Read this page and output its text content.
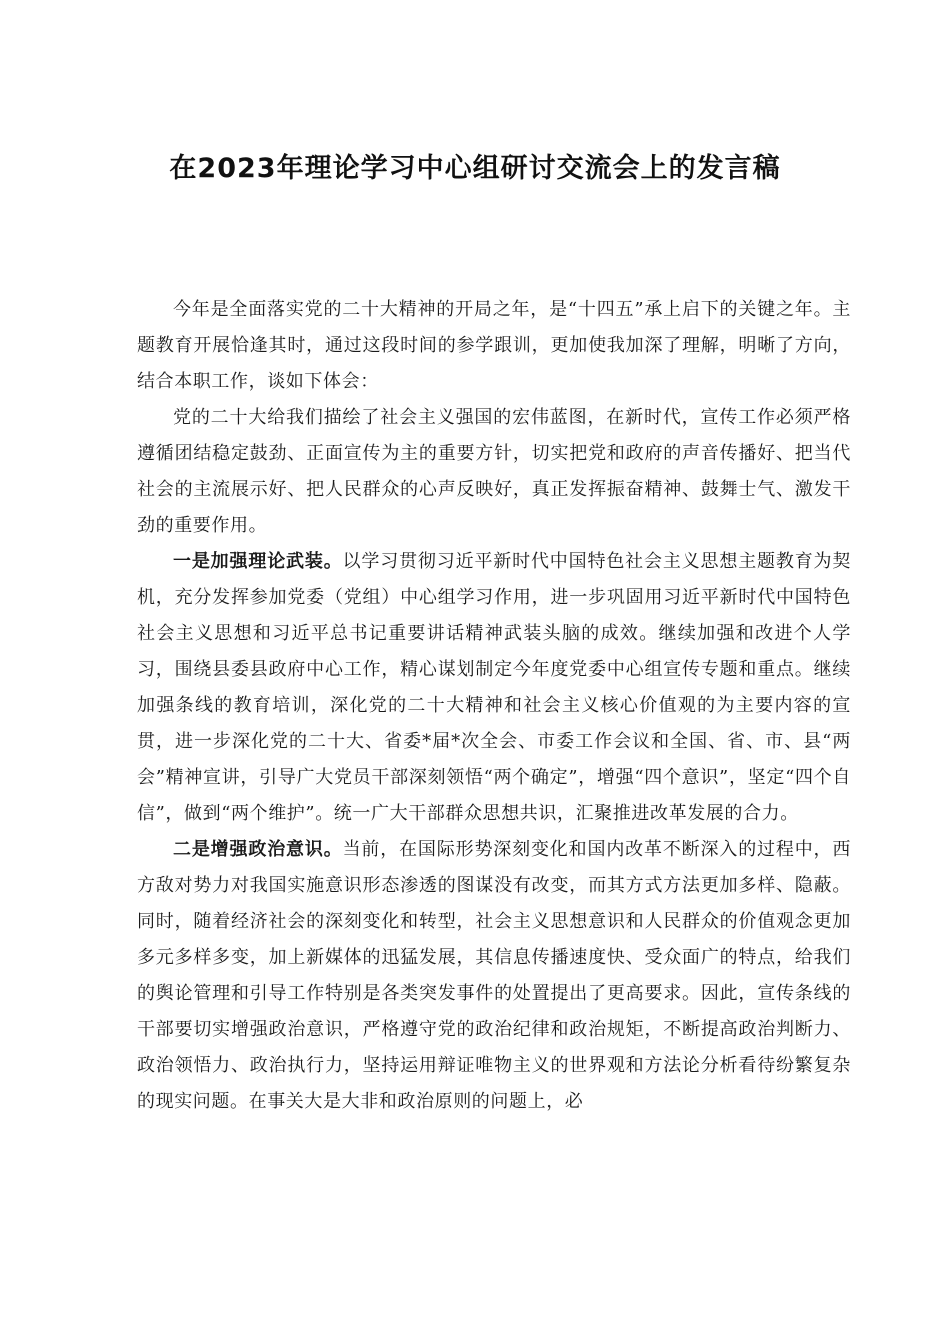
在2023年理论学习中心组研讨交流会上的发言稿

今年是全面落实党的二十大精神的开局之年，是“十四五”承上启下的关键之年。主题教育开展恰逢其时，通过这段时间的参学跟训，更加使我加深了理解，明晰了方向，结合本职工作，谈如下体会：

党的二十大给我们描绘了社会主义强国的宏伟蓝图，在新时代，宣传工作必须严格遵循团结稳定鼓劲、正面宣传为主的重要方针，切实把党和政府的声音传播好、把当代社会的主流展示好、把人民群众的心声反映好，真正发挥振奋精神、鼓舞士气、激发干劲的重要作用。

一是加强理论武装。以学习贯彻习近平新时代中国特色社会主义思想主题教育为契机，充分发挥参加党委（党组）中心组学习作用，进一步巩固用习近平新时代中国特色社会主义思想和习近平总书记重要讲话精神武装头脑的成效。继续加强和改进个人学习，围绕县委县政府中心工作，精心谋划制定今年度党委中心组宣传专题和重点。继续加强条线的教育培训，深化党的二十大精神和社会主义核心价值观的为主要内容的宣贯，进一步深化党的二十大、省委*届*次全会、市委工作会议和全国、省、市、县“两会”精神宣讲，引导广大党员干部深刻领悟“两个确定”，增强“四个意识”，坚定“四个自信”，做到“两个维护”。统一广大干部群众思想共识，汇聚推进改革发展的合力。

二是增强政治意识。当前，在国际形势深刻变化和国内改革不断深入的过程中，西方敌对势力对我国实施意识形态渗透的图谋没有改变，而其方式方法更加多样、隐蔽。同时，随着经济社会的深刻变化和转型，社会主义思想意识和人民群众的价值观念更加多元多样多变，加上新媒体的迅猛发展，其信息传播速度快、受众面广的特点，给我们的舆论管理和引导工作特别是各类突发事件的处置提出了更高要求。因此，宣传条线的干部要切实增强政治意识，严格遵守党的政治纪律和政治规矩，不断提高政治判断力、政治领悟力、政治执行力，坚持运用辩证唯物主义的世界观和方法论分析看待纷繁复杂的现实问题。在事关大是大非和政治原则的问题上，必
